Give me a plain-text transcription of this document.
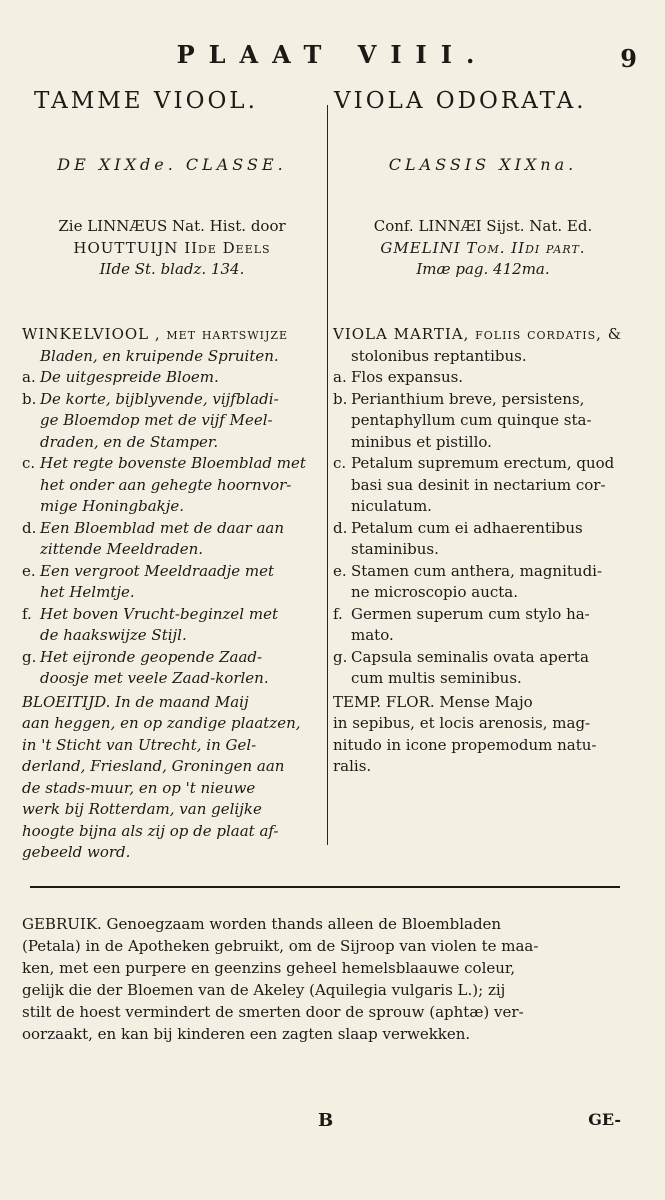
PLAAT VIII.	9
TAMME VIOOL.	VIOLA ODORATA.
DE XIXde. CLASSE.
Zie LINNÆUS Nat. Hist. door
HOUTTUIJN IIde Deels
IIde St. bladz. 134.
WINKELVIOOL , met hartswijze
Bladen, en kruipende Spruiten.
a. De uitgespreide Bloem.
b. De korte, bijblyvende, vijfbladi-
ge Bloemdop met de vijf Meel-
draden, en de Stamper.
c. Het regte bovenste Bloemblad met
het onder aan gehegte hoornvor-
mige Honingbakje.
d. Een Bloemblad met de daar aan
zittende Meeldraden.
e. Een vergroot Meeldraadje met
het Helmtje.
f. Het boven Vrucht-beginzel met
de haakswijze Stijl.
g. Het eijronde geopende Zaad-
doosje met veele Zaad-korlen.
BLOEITIJD. In de maand Maij
aan heggen, en op zandige plaatzen,
in 't Sticht van Utrecht, in Gel-
derland, Friesland, Groningen aan
de stads-muur, en op 't nieuwe
werk bij Rotterdam, van gelijke
hoogte bijna als zij op de plaat af-
gebeeld word.
CLASSIS XIXna.
Conf. LINNÆI Sijst. Nat. Ed.
GMELINI Tom. IIdi part.
Imæ pag. 412ma.
VIOLA MARTIA, foliis cordatis, &
stolonibus reptantibus.
a. Flos expansus.
b. Perianthium breve, persistens,
pentaphyllum cum quinque sta-
minibus et pistillo.
c. Petalum supremum erectum, quod
basi sua desinit in nectarium cor-
niculatum.
d. Petalum cum ei adhaerentibus
staminibus.
e. Stamen cum anthera, magnitudi-
ne microscopio aucta.
f. Germen superum cum stylo ha-
mato.
g. Capsula seminalis ovata aperta
cum multis seminibus.
TEMP. FLOR. Mense Majo
in sepibus, et locis arenosis, mag-
nitudo in icone propemodum natu-
ralis.
GEBRUIK. Genoegzaam worden thands alleen de Bloembladen
(Petala) in de Apotheken gebruikt, om de Sijroop van violen te maa-
ken, met een purpere en geenzins geheel hemelsblaauwe coleur,
gelijk die der Bloemen van de Akeley (Aquilegia vulgaris L.); zij
stilt de hoest vermindert de smerten door de sprouw (aphtæ) ver-
oorzaakt, en kan bij kinderen een zagten slaap verwekken.
B	GE-
